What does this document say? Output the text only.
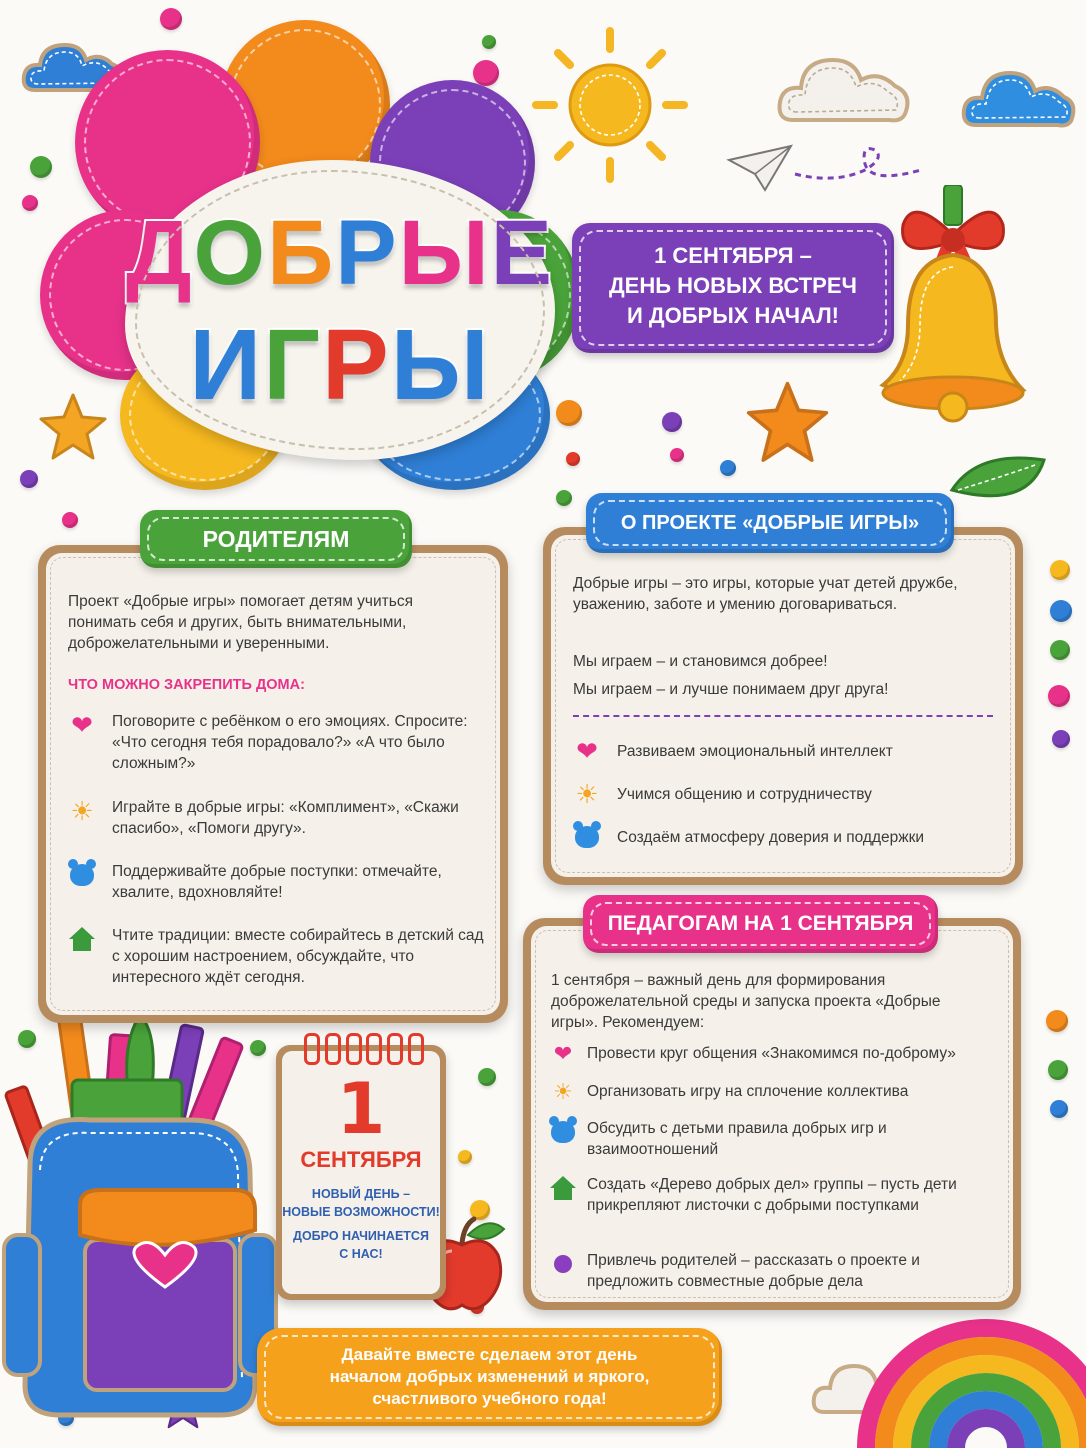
ДОБРЫЕ
ИГРЫ
1 СЕНТЯБРЯ –
ДЕНЬ НОВЫХ ВСТРЕЧ
И ДОБРЫХ НАЧАЛ!
Проект «Добрые игры» помогает детям учиться понимать себя и других, быть внимательными, доброжелательными и уверенными.
ЧТО МОЖНО ЗАКРЕПИТЬ ДОМА:
❤	Поговорите с ребёнком о его эмоциях. Спросите: «Что сегодня тебя порадовало?» «А что было сложным?»
☀ Играйте в добрые игры: «Комплимент», «Скажи спасибо», «Помоги другу».
Поддерживайте добрые поступки: отмечайте, хвалите, вдохновляйте!
Чтите традиции: вместе собирайтесь в детский сад с хорошим настроением, обсуждайте, что интересного ждёт сегодня.
РОДИТЕЛЯМ
Добрые игры – это игры, которые учат детей дружбе, уважению, заботе и умению договариваться.
Мы играем – и становимся добрее!
Мы играем – и лучше понимаем друг друга!
❤	Развиваем эмоциональный интеллект
☀ Учимся общению и сотрудничеству
Создаём атмосферу доверия и поддержки
О ПРОЕКТЕ «ДОБРЫЕ ИГРЫ»
1 сентября – важный день для формирования доброжелательной среды и запуска проекта «Добрые игры». Рекомендуем:
❤ Провести круг общения «Знакомимся по-доброму»
☀ Организовать игру на сплочение коллектива
Обсудить с детьми правила добрых игр и взаимоотношений
Создать «Дерево добрых дел» группы – пусть дети прикрепляют листочки с добрыми поступками
Привлечь родителей – рассказать о проекте и предложить совместные добрые дела
ПЕДАГОГАМ НА 1 СЕНТЯБРЯ
1
СЕНТЯБРЯ
НОВЫЙ ДЕНЬ –
НОВЫЕ ВОЗМОЖНОСТИ!
ДОБРО НАЧИНАЕТСЯ
С НАС!
Давайте вместе сделаем этот день
началом добрых изменений и яркого,
счастливого учебного года!
